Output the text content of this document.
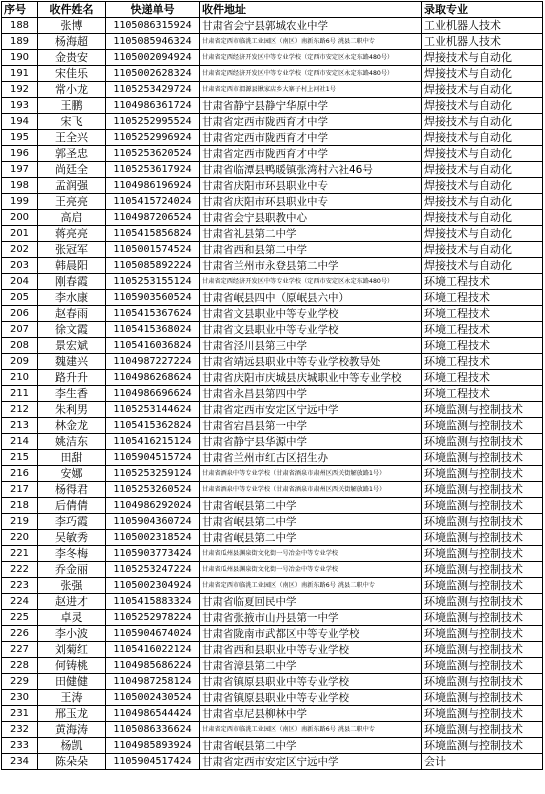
序号	收件姓名	快递单号	收件地址	录取专业
188	张博	1105086315924	甘肃省会宁县郭城农业中学	工业机器人技术
189	杨海超	1105085946324	甘肃省定西市临洮工业园区（南区）南新东路6号 洮县二职中专	工业机器人技术
190	金贵安	1105002094924	甘肃省定西经济开发区中等专业学校（定西市安定区永定东路480号）	焊接技术与自动化
191	宋佳乐	1105002628324	甘肃省定西经济开发区中等专业学校（定西市安定区永定东路480号）	焊接技术与自动化
192	常小龙	1105253429724	甘肃省定西市渭源县锹家店乡大寨子村上河社1号	焊接技术与自动化
193	王鹏	1104986361724	甘肃省静宁县静宁华原中学	焊接技术与自动化
194	宋飞	1105252995524	甘肃省定西市陇西育才中学	焊接技术与自动化
195	王全兴	1105252996924	甘肃省定西市陇西育才中学	焊接技术与自动化
196	郭圣忠	1105253620524	甘肃省定西市陇西育才中学	焊接技术与自动化
197	尚廷全	1105253617924	甘肃省临潭县鸭暖镇张湾村六社46号	焊接技术与自动化
198	孟润强	1104986196924	甘肃省庆阳市环县职业中专	焊接技术与自动化
199	王亮亮	1105415724024	甘肃省庆阳市环县职业中专	焊接技术与自动化
200	高启	1104987206524	甘肃省会宁县职教中心	焊接技术与自动化
201	蒋亮亮	1105415856824	甘肃省礼县第二中学	焊接技术与自动化
202	张冠军	1105001574524	甘肃省西和县第二中学	焊接技术与自动化
203	韩晨阳	1105085892224	甘肃省兰州市永登县第二中学	焊接技术与自动化
204	刚春霞	1105253155124	甘肃省定西经济开发区中等专业学校（定西市安定区永定东路480号）	环境工程技术
205	李水康	1105903560524	甘肃省岷县四中（原岷县六中）	环境工程技术
206	赵春雨	1105415367624	甘肃省文县职业中等专业学校	环境工程技术
207	徐文霞	1105415368024	甘肃省文县职业中等专业学校	环境工程技术
208	景宏斌	1105416036824	甘肃省泾川县第三中学	环境工程技术
209	魏建兴	1104987227224	甘肃省靖远县职业中等专业学校教导处	环境工程技术
210	路升升	1104986268624	甘肃省庆阳市庆城县庆城职业中等专业学校	环境工程技术
211	李生香	1104986696624	甘肃省永昌县第四中学	环境工程技术
212	朱利男	1105253144624	甘肃省定西市安定区宁远中学	环境监测与控制技术
213	林金龙	1105415362824	甘肃省宕昌县第一中学	环境监测与控制技术
214	姚洁东	1105416215124	甘肃省静宁县华源中学	环境监测与控制技术
215	田甜	1105904515724	甘肃省兰州市红古区招生办	环境监测与控制技术
216	安娜	1105253259124	甘肃省酒泉中等专业学校（甘肃省酒泉市肃州区西关街解放路1号）	环境监测与控制技术
217	杨得君	1105253260524	甘肃省酒泉中等专业学校（甘肃省酒泉市肃州区西关街解放路1号）	环境监测与控制技术
218	后倩倩	1104986292024	甘肃省岷县第二中学	环境监测与控制技术
219	李巧霞	1105904360724	甘肃省岷县第二中学	环境监测与控制技术
220	吴敏秀	1105002318524	甘肃省岷县第二中学	环境监测与控制技术
221	李冬梅	1105903773424	甘肃省瓜州县渊泉街文化街一号冶金中等专业学校	环境监测与控制技术
222	乔金丽	1105253247224	甘肃省瓜州县渊泉街文化街一号冶金中等专业学校	环境监测与控制技术
223	张强	1105002304924	甘肃省定西市临洮工业园区（南区）南新东路6号 洮县二职中专	环境监测与控制技术
224	赵进才	1105415883324	甘肃省临夏回民中学	环境监测与控制技术
225	卓灵	1105252978224	甘肃省张掖市山丹县第一中学	环境监测与控制技术
226	李小波	1105904674024	甘肃省陇南市武都区中等专业学校	环境监测与控制技术
227	刘菊红	1105416022124	甘肃省西和县职业中等专业学校	环境监测与控制技术
228	何铸桃	1104985686224	甘肃省漳县第二中学	环境监测与控制技术
229	田健健	1104987258124	甘肃省镇原县职业中等专业学校	环境监测与控制技术
230	王涛	1105002430524	甘肃省镇原县职业中等专业学校	环境监测与控制技术
231	邢玉龙	1104986544424	甘肃省卓尼县柳林中学	环境监测与控制技术
232	黄海涛	1105086336624	甘肃省定西市临洮工业园区（南区）南新东路6号 洮县二职中专	环境监测与控制技术
233	杨凯	1104985893924	甘肃省岷县第二中学	环境监测与控制技术
234	陈朵朵	1105904517424	甘肃省定西市安定区宁远中学	会计
